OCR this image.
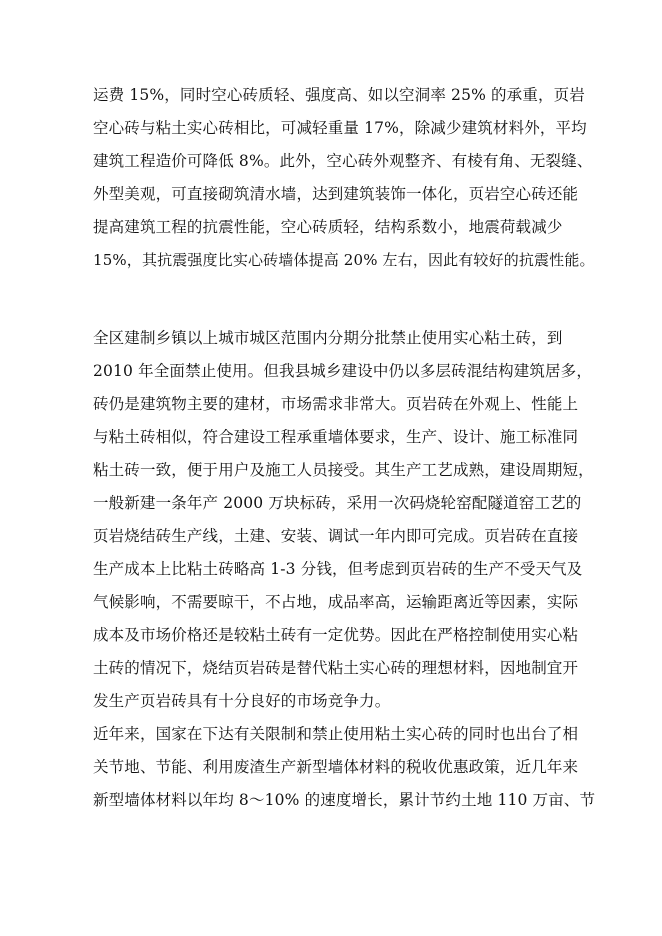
运费 15%，同时空心砖质轻、强度高、如以空洞率 25% 的承重，页岩
空心砖与粘土实心砖相比，可减轻重量 17%，除减少建筑材料外，平均
建筑工程造价可降低 8%。此外，空心砖外观整齐、有棱有角、无裂缝、
外型美观，可直接砌筑清水墙，达到建筑装饰一体化，页岩空心砖还能
提高建筑工程的抗震性能，空心砖质轻，结构系数小，地震荷载减少
15%，其抗震强度比实心砖墙体提高 20% 左右，因此有较好的抗震性能。
全区建制乡镇以上城市城区范围内分期分批禁止使用实心粘土砖，到
2010 年全面禁止使用。但我县城乡建设中仍以多层砖混结构建筑居多，
砖仍是建筑物主要的建材，市场需求非常大。页岩砖在外观上、性能上
与粘土砖相似，符合建设工程承重墙体要求，生产、设计、施工标准同
粘土砖一致，便于用户及施工人员接受。其生产工艺成熟，建设周期短，
一般新建一条年产 2000 万块标砖，采用一次码烧轮窑配隧道窑工艺的
页岩烧结砖生产线，土建、安装、调试一年内即可完成。页岩砖在直接
生产成本上比粘土砖略高 1-3 分钱，但考虑到页岩砖的生产不受天气及
气候影响，不需要晾干，不占地，成品率高，运输距离近等因素，实际
成本及市场价格还是较粘土砖有一定优势。因此在严格控制使用实心粘
土砖的情况下，烧结页岩砖是替代粘土实心砖的理想材料，因地制宜开
发生产页岩砖具有十分良好的市场竞争力。
近年来，国家在下达有关限制和禁止使用粘土实心砖的同时也出台了相
关节地、节能、利用废渣生产新型墙体材料的税收优惠政策，近几年来
新型墙体材料以年均 8～10% 的速度增长，累计节约土地 110 万亩、节
